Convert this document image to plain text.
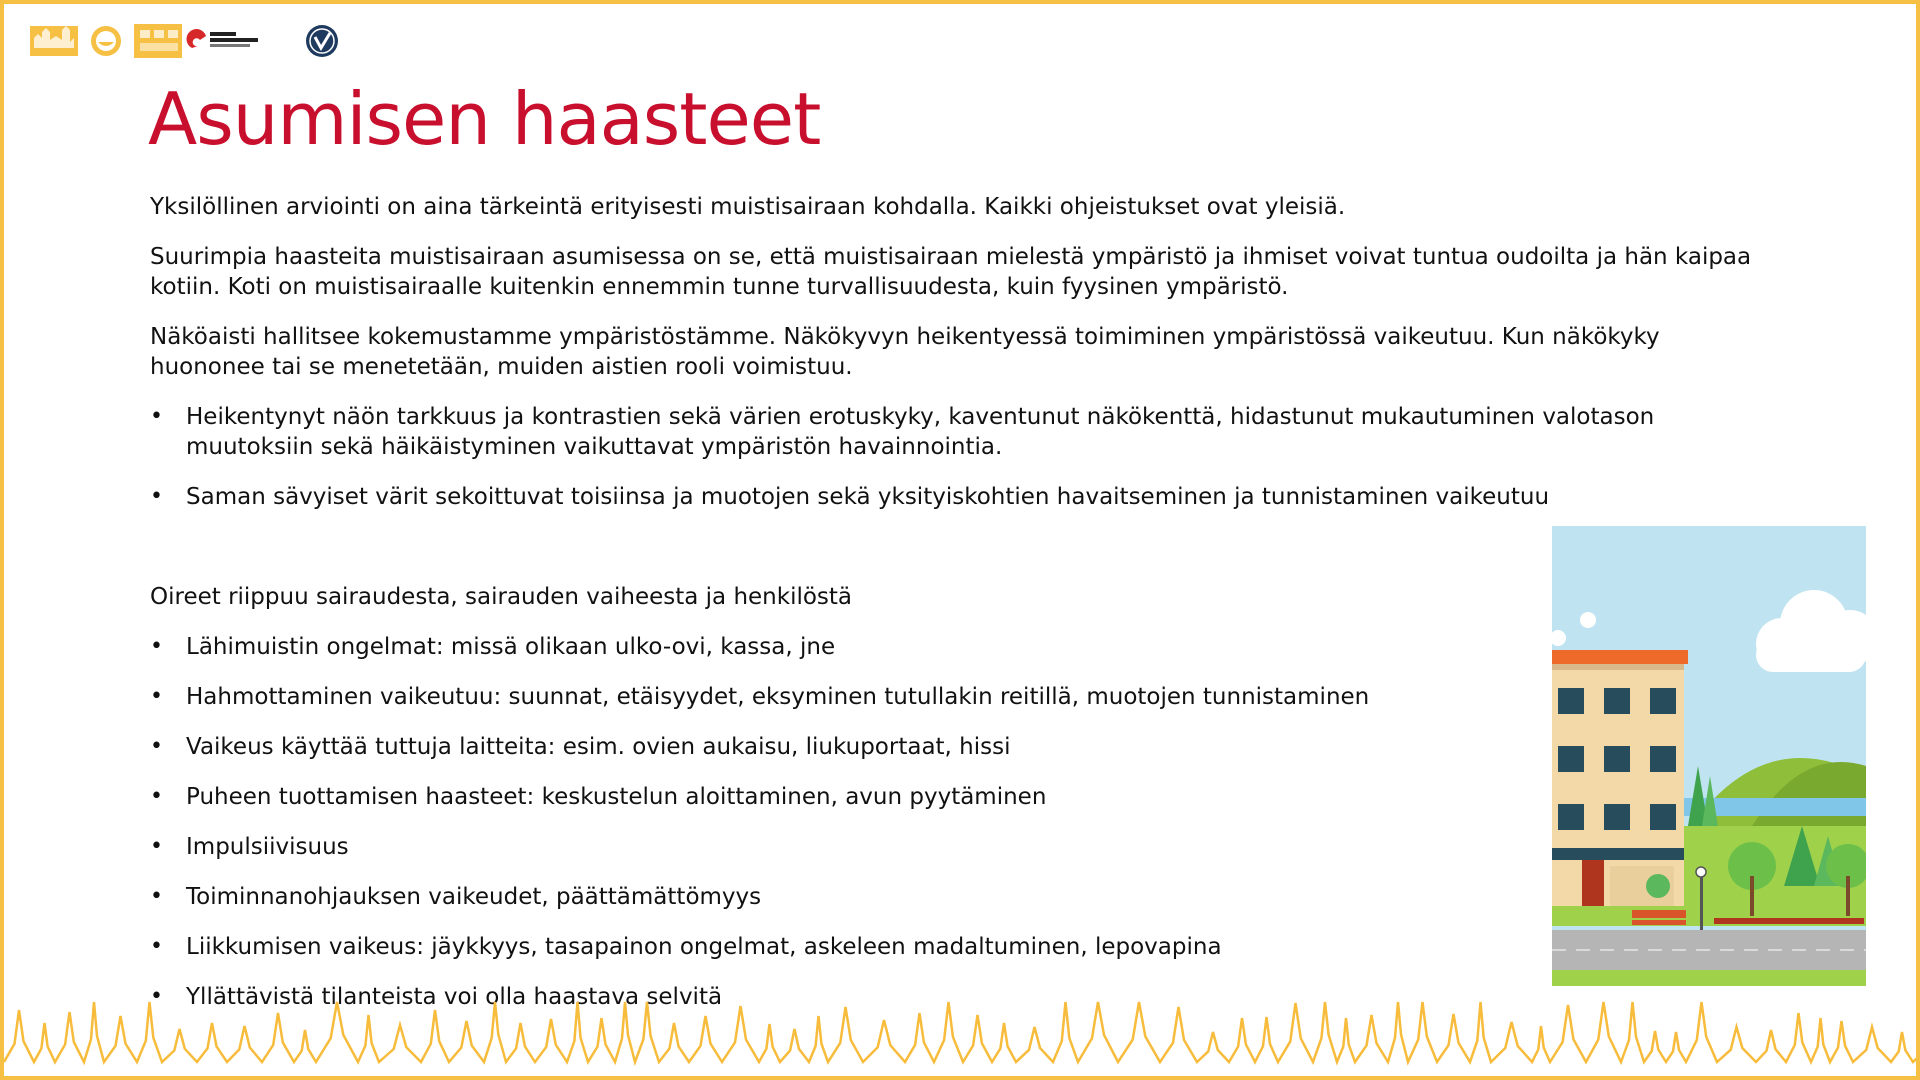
Asumisen haasteet

Yksilöllinen arviointi on aina tärkeintä erityisesti muistisairaan kohdalla. Kaikki ohjeistukset ovat yleisiä.

Suurimpia haasteita muistisairaan asumisessa on se, että muistisairaan mielestä ympäristö ja ihmiset voivat tuntua oudoilta ja hän kaipaa kotiin. Koti on muistisairaalle kuitenkin ennemmin tunne turvallisuudesta, kuin fyysinen ympäristö.

Näköaisti hallitsee kokemustamme ympäristöstämme. Näkökyvyn heikentyessä toimiminen ympäristössä vaikeutuu. Kun näkökyky huononee tai se menetetään, muiden aistien rooli voimistuu.

• Heikentynyt näön tarkkuus ja kontrastien sekä värien erotuskyky, kaventunut näkökenttä, hidastunut mukautuminen valotason muutoksiin sekä häikäistyminen vaikuttavat ympäristön havainnointia.
• Saman sävyiset värit sekoittuvat toisiinsa ja muotojen sekä yksityiskohtien havaitseminen ja tunnistaminen vaikeutuu

Oireet riippuu sairaudesta, sairauden vaiheesta ja henkilöstä

• Lähimuistin ongelmat: missä olikaan ulko-ovi, kassa, jne
• Hahmottaminen vaikeutuu: suunnat, etäisyydet, eksyminen tutullakin reitillä, muotojen tunnistaminen
• Vaikeus käyttää tuttuja laitteita: esim. ovien aukaisu, liukuportaat, hissi
• Puheen tuottamisen haasteet: keskustelun aloittaminen, avun pyytäminen
• Impulsiivisuus
• Toiminnanohjauksen vaikeudet, päättämättömyys
• Liikkumisen vaikeus: jäykkyys, tasapainon ongelmat, askeleen madaltuminen, lepovapina
• Yllättävistä tilanteista voi olla haastava selvitä
